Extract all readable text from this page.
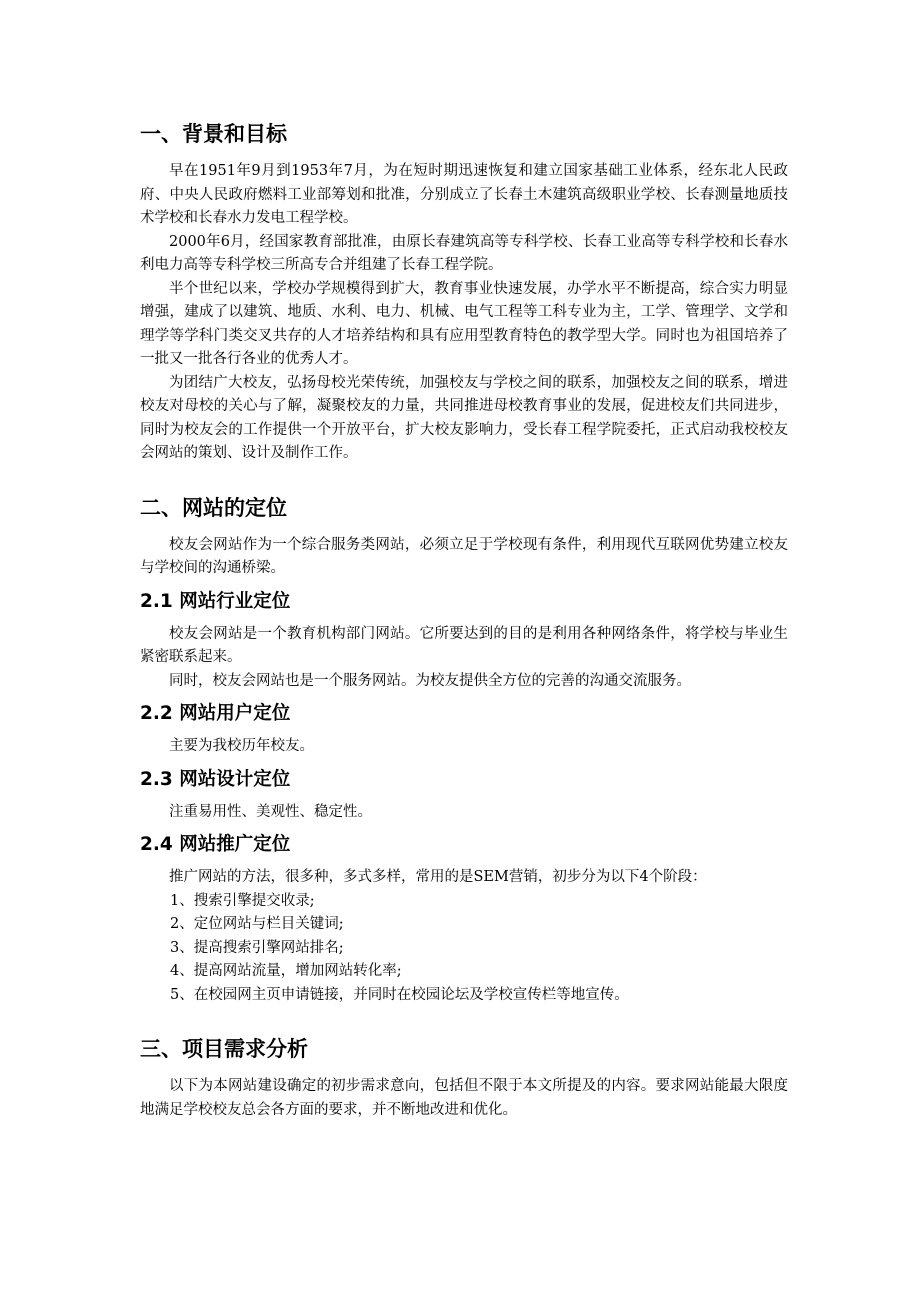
一、背景和目标

早在1951年9月到1953年7月，为在短时期迅速恢复和建立国家基础工业体系，经东北人民政府、中央人民政府燃料工业部筹划和批准，分别成立了长春土木建筑高级职业学校、长春测量地质技术学校和长春水力发电工程学校。

2000年6月，经国家教育部批准，由原长春建筑高等专科学校、长春工业高等专科学校和长春水利电力高等专科学校三所高专合并组建了长春工程学院。

半个世纪以来，学校办学规模得到扩大，教育事业快速发展，办学水平不断提高，综合实力明显增强，建成了以建筑、地质、水利、电力、机械、电气工程等工科专业为主，工学、管理学、文学和理学等学科门类交叉共存的人才培养结构和具有应用型教育特色的教学型大学。同时也为祖国培养了一批又一批各行各业的优秀人才。

为团结广大校友，弘扬母校光荣传统，加强校友与学校之间的联系，加强校友之间的联系，增进校友对母校的关心与了解，凝聚校友的力量，共同推进母校教育事业的发展，促进校友们共同进步，同时为校友会的工作提供一个开放平台，扩大校友影响力，受长春工程学院委托，正式启动我校校友会网站的策划、设计及制作工作。

二、网站的定位

校友会网站作为一个综合服务类网站，必须立足于学校现有条件，利用现代互联网优势建立校友与学校间的沟通桥梁。

2.1 网站行业定位

校友会网站是一个教育机构部门网站。它所要达到的目的是利用各种网络条件，将学校与毕业生紧密联系起来。

同时，校友会网站也是一个服务网站。为校友提供全方位的完善的沟通交流服务。

2.2 网站用户定位

主要为我校历年校友。

2.3 网站设计定位

注重易用性、美观性、稳定性。

2.4 网站推广定位

推广网站的方法，很多种，多式多样，常用的是SEM营销，初步分为以下4个阶段：

1、搜索引擎提交收录;
2、定位网站与栏目关键词;
3、提高搜索引擎网站排名;
4、提高网站流量，增加网站转化率;
5、在校园网主页申请链接，并同时在校园论坛及学校宣传栏等地宣传。
三、项目需求分析

以下为本网站建设确定的初步需求意向，包括但不限于本文所提及的内容。要求网站能最大限度地满足学校校友总会各方面的要求，并不断地改进和优化。
